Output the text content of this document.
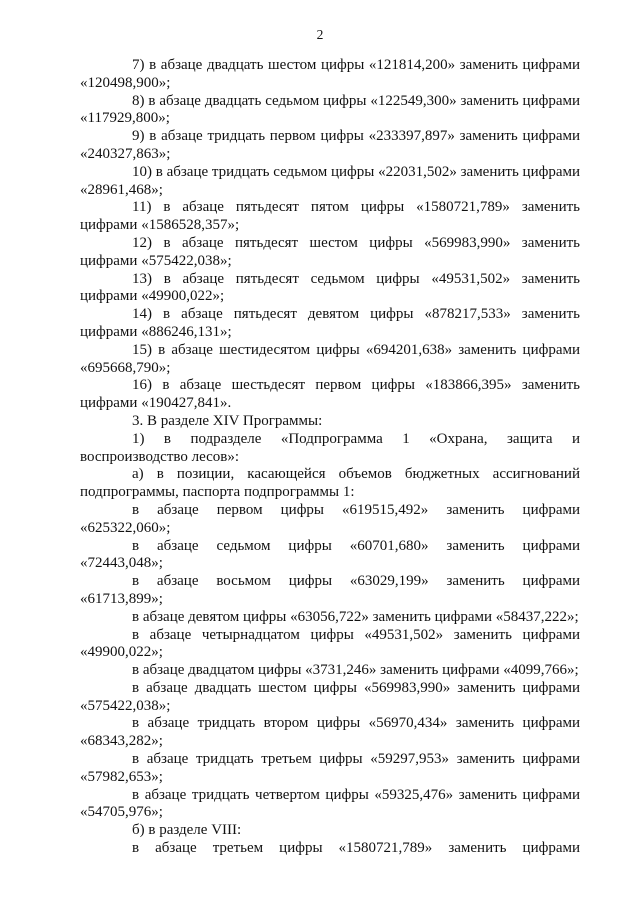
2

7) в абзаце двадцать шестом цифры «121814,200» заменить цифрами «120498,900»;

8) в абзаце двадцать седьмом цифры «122549,300» заменить цифрами «117929,800»;

9) в абзаце тридцать первом цифры «233397,897» заменить цифрами «240327,863»;

10) в абзаце тридцать седьмом цифры «22031,502» заменить цифрами «28961,468»;

11) в абзаце пятьдесят пятом цифры «1580721,789» заменить цифрами «1586528,357»;

12) в абзаце пятьдесят шестом цифры «569983,990» заменить цифрами «575422,038»;

13) в абзаце пятьдесят седьмом цифры «49531,502» заменить цифрами «49900,022»;

14) в абзаце пятьдесят девятом цифры «878217,533» заменить цифрами «886246,131»;

15) в абзаце шестидесятом цифры «694201,638» заменить цифрами «695668,790»;

16) в абзаце шестьдесят первом цифры «183866,395» заменить цифрами «190427,841».

3. В разделе XIV Программы:

1) в подразделе «Подпрограмма 1 «Охрана, защита и воспроизводство лесов»:

а) в позиции, касающейся объемов бюджетных ассигнований подпрограммы, паспорта подпрограммы 1:

в абзаце первом цифры «619515,492» заменить цифрами «625322,060»;

в абзаце седьмом цифры «60701,680» заменить цифрами «72443,048»;

в абзаце восьмом цифры «63029,199» заменить цифрами «61713,899»;

в абзаце девятом цифры «63056,722» заменить цифрами «58437,222»;

в абзаце четырнадцатом цифры «49531,502» заменить цифрами «49900,022»;

в абзаце двадцатом цифры «3731,246» заменить цифрами «4099,766»;

в абзаце двадцать шестом цифры «569983,990» заменить цифрами «575422,038»;

в абзаце тридцать втором цифры «56970,434» заменить цифрами «68343,282»;

в абзаце тридцать третьем цифры «59297,953» заменить цифрами «57982,653»;

в абзаце тридцать четвертом цифры «59325,476» заменить цифрами «54705,976»;

б) в разделе VIII:

в абзаце третьем цифры «1580721,789» заменить цифрами
